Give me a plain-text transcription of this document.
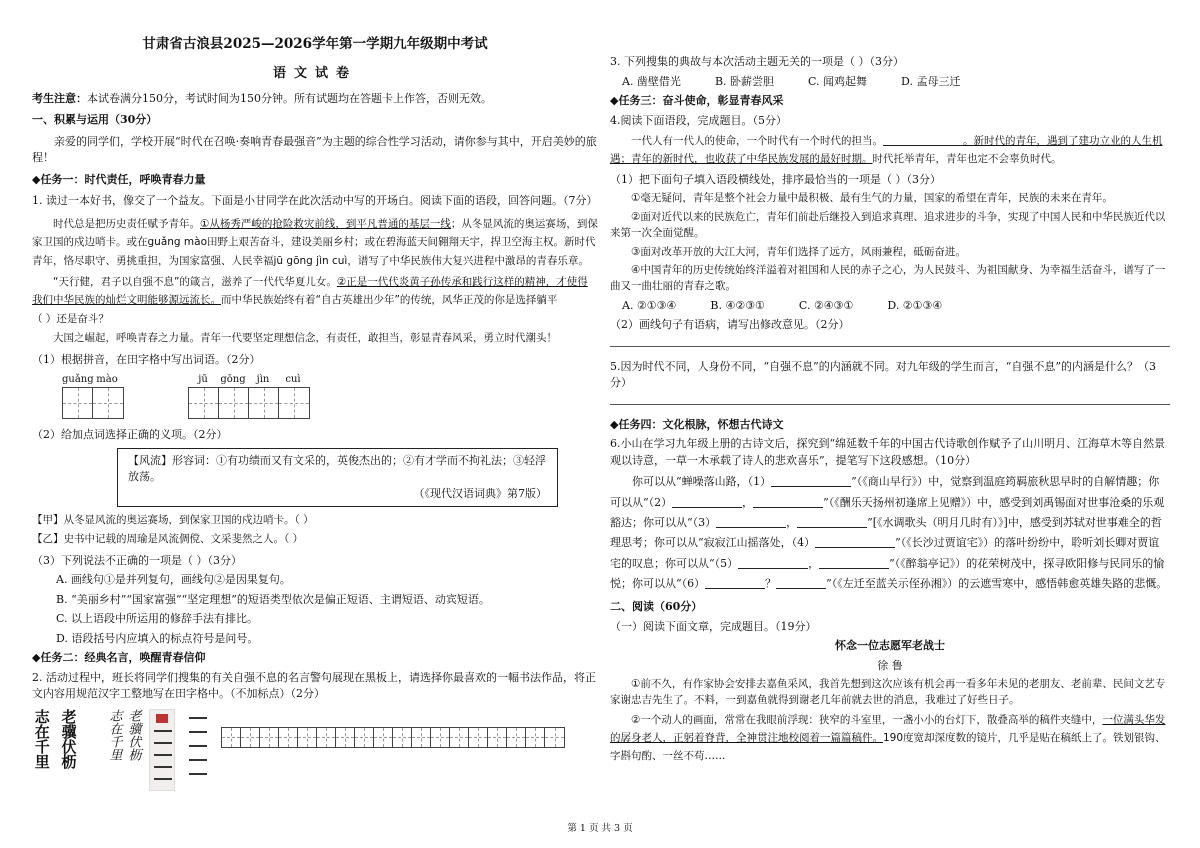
甘肃省古浪县2025—2026学年第一学期九年级期中考试
语文试卷

考生注意：本试卷满分150分，考试时间为150分钟。所有试题均在答题卡上作答，否则无效。

一、积累与运用（30分）

亲爱的同学们，学校开展“时代在召唤·奏响青春最强音”为主题的综合性学习活动，请你参与其中，开启美妙的旅程！

◆任务一：时代责任，呼唤青春力量

1. 读过一本好书，像交了一个益友。下面是小甘同学在此次活动中写的开场白。阅读下面的语段，回答问题。（7分）

时代总是把历史责任赋予青年。①从杨秀严峻的抢险救灾前线，到平凡普通的基层一线；从冬显风流的奥运赛场，到保家卫国的戍边哨卡。或在guǎng mào田野上艰苦奋斗，建设美丽乡村；或在碧海蓝天间翱翔天宇，捍卫空海主权。新时代青年，恪尽职守、勇挑重担，为国家富强、人民幸福jū gōng jìn cuì，谱写了中华民族伟大复兴进程中激昂的青春乐章。

“天行健，君子以自强不息”的箴言，滋养了一代代华夏儿女。②正是一代代炎黄子孙传承和践行这样的精神，才使得我们中华民族的灿烂文明能够源远流长。而中华民族始终有着“自古英雄出少年”的传统，风华正茂的你是选择躺平
（ ）还是奋斗？

大国之崛起，呼唤青春之力量。青年一代要坚定理想信念，有责任，敢担当，彰显青春风采，勇立时代潮头！

（1）根据拼音，在田字格中写出词语。（2分）

guǎng mào	jū	gōng	jìn	cuì

（2）给加点词选择正确的义项。（2分）

【风流】形容词：①有功绩而又有文采的，英俊杰出的；②有才学而不拘礼法；③轻浮放荡。

（《现代汉语词典》第7版）

【甲】从冬显风流的奥运赛场，到保家卫国的戍边哨卡。（ ）

【乙】史书中记载的周瑜是风流倜傥、文采斐然之人。（ ）

（3）下列说法不正确的一项是（ ）（3分）

A. 画线句①是并列复句，画线句②是因果复句。

B. “美丽乡村”“国家富强”“坚定理想”的短语类型依次是偏正短语、主谓短语、动宾短语。

C. 以上语段中所运用的修辞手法有排比。

D. 语段括号内应填入的标点符号是问号。

◆任务二：经典名言，唤醒青春信仰

2. 活动过程中，班长将同学们搜集的有关自强不息的名言警句展现在黑板上，请选择你最喜欢的一幅书法作品，将正文内容用规范汉字工整地写在田字格中。（不加标点）（2分）

志在千里 老骥伏枥 志在千里 老骥伏枥

3. 下列搜集的典故与本次活动主题无关的一项是（ ）（3分）

A. 凿壁借光	B. 卧薪尝胆	C. 闻鸡起舞	D. 孟母三迁

◆任务三：奋斗使命，彰显青春风采

4.阅读下面语段，完成题目。（5分）

一代人有一代人的使命，一个时代有一个时代的担当。	。新时代的青年，遇到了建功立业的人生机遇；青年的新时代，也收获了中华民族发展的最好时期。时代托举青年，青年也定不会辜负时代。

（1）把下面句子填入语段横线处，排序最恰当的一项是（ ）（3分）

①毫无疑问，青年是整个社会力量中最积极、最有生气的力量，国家的希望在青年，民族的未来在青年。

②面对近代以来的民族危亡，青年们前赴后继投入到追求真理、追求进步的斗争，实现了中国人民和中华民族近代以来第一次全面觉醒。

③面对改革开放的大江大河，青年们选择了远方，风雨兼程，砥砺奋进。

④中国青年的历史传统始终洋溢着对祖国和人民的赤子之心，为人民鼓斗、为祖国献身、为幸福生活奋斗，谱写了一曲又一曲壮丽的青春之歌。

A. ②①③④	B. ④②③①	C. ②④③①	D. ②①③④

（2）画线句子有语病，请写出修改意见。（2分）

5.因为时代不同，人身份不同，“自强不息”的内涵就不同。对九年级的学生而言，“自强不息”的内涵是什么？（3分）

◆任务四：文化根脉，怀想古代诗文

6.小山在学习九年级上册的古诗文后，探究到“绵延数千年的中国古代诗歌创作赋予了山川明月、江海草木等自然景观以诗意，一草一木承载了诗人的悲欢喜乐”，提笔写下这段感想。（10分）

你可以从“蝉噪落山路，（1）	”（《商山早行》）中，觉察到温庭筠羁旅秋思早时的自解情趣；你可以从“（2）	，	”（《酬乐天扬州初逢席上见赠》）中，感受到刘禹锡面对世事沧桑的乐观豁达；你可以从“（3）	，	”[《水调歌头（明月几时有）》]中，感受到苏轼对世事难全的哲理思考；你可以从“寂寂江山摇落处，（4）	”（《长沙过贾谊宅》）的落叶纷纷中，聆听刘长卿对贾谊宅的叹息；你可以从“（5）	，	”（《醉翁亭记》）的花荣树茂中，探寻欧阳修与民同乐的愉悦；你可以从“（6）	？	”（《左迁至蓝关示侄孙湘》）的云遮雪寒中，感悟韩愈英雄失路的悲慨。

二、阅读（60分）

（一）阅读下面文章，完成题目。（19分）

怀念一位志愿军老战士

徐 鲁

①前不久，有作家协会安排去嘉鱼采风，我首先想到这次应该有机会再一看多年未见的老朋友、老前辈、民间文艺专家谢忠吉先生了。不料，一到嘉鱼就得到谢老几年前就去世的消息，我难过了好些日子。

②一个动人的画面，常常在我眼前浮现：狭窄的斗室里，一盏小小的台灯下，散叠高举的稿件夹缝中，一位满头华发的孱身老人，正躬着脊背，全神贯注地校阅着一篇篇稿件。190度宽却深度数的镜片，几乎是贴在稿纸上了。铁划银钩、字斟句酌、一丝不苟……

第 1 页 共 3 页
